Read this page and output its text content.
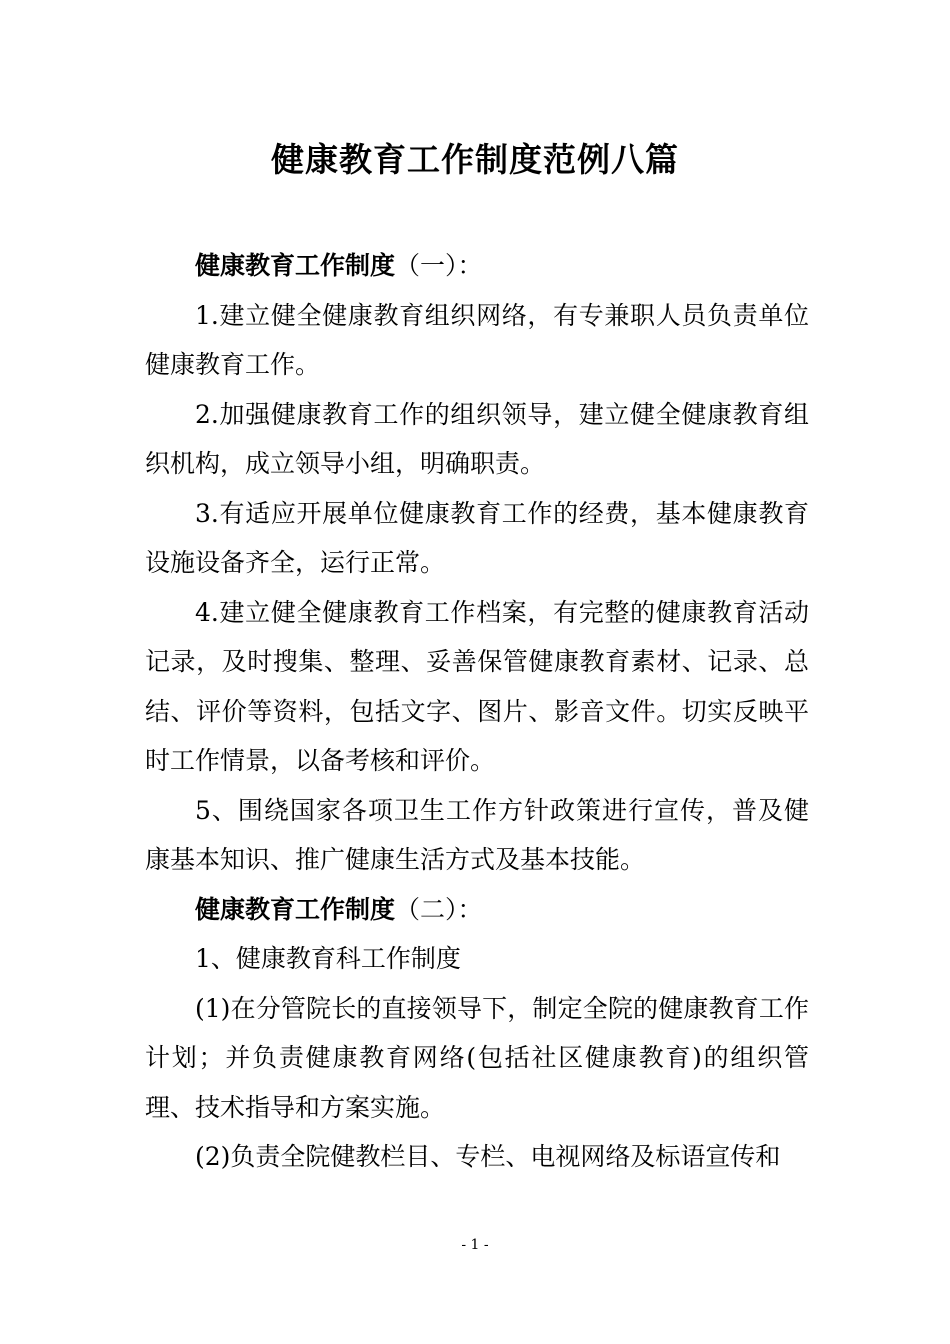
健康教育工作制度范例八篇

健康教育工作制度（一）：

1.建立健全健康教育组织网络，有专兼职人员负责单位健康教育工作。

2.加强健康教育工作的组织领导，建立健全健康教育组织机构，成立领导小组，明确职责。

3.有适应开展单位健康教育工作的经费，基本健康教育设施设备齐全，运行正常。

4.建立健全健康教育工作档案，有完整的健康教育活动记录，及时搜集、整理、妥善保管健康教育素材、记录、总结、评价等资料，包括文字、图片、影音文件。切实反映平时工作情景，以备考核和评价。

5、围绕国家各项卫生工作方针政策进行宣传，普及健康基本知识、推广健康生活方式及基本技能。

健康教育工作制度（二）：

1、健康教育科工作制度

(1)在分管院长的直接领导下，制定全院的健康教育工作计划；并负责健康教育网络(包括社区健康教育)的组织管理、技术指导和方案实施。

(2)负责全院健教栏目、专栏、电视网络及标语宣传和

- 1 -
